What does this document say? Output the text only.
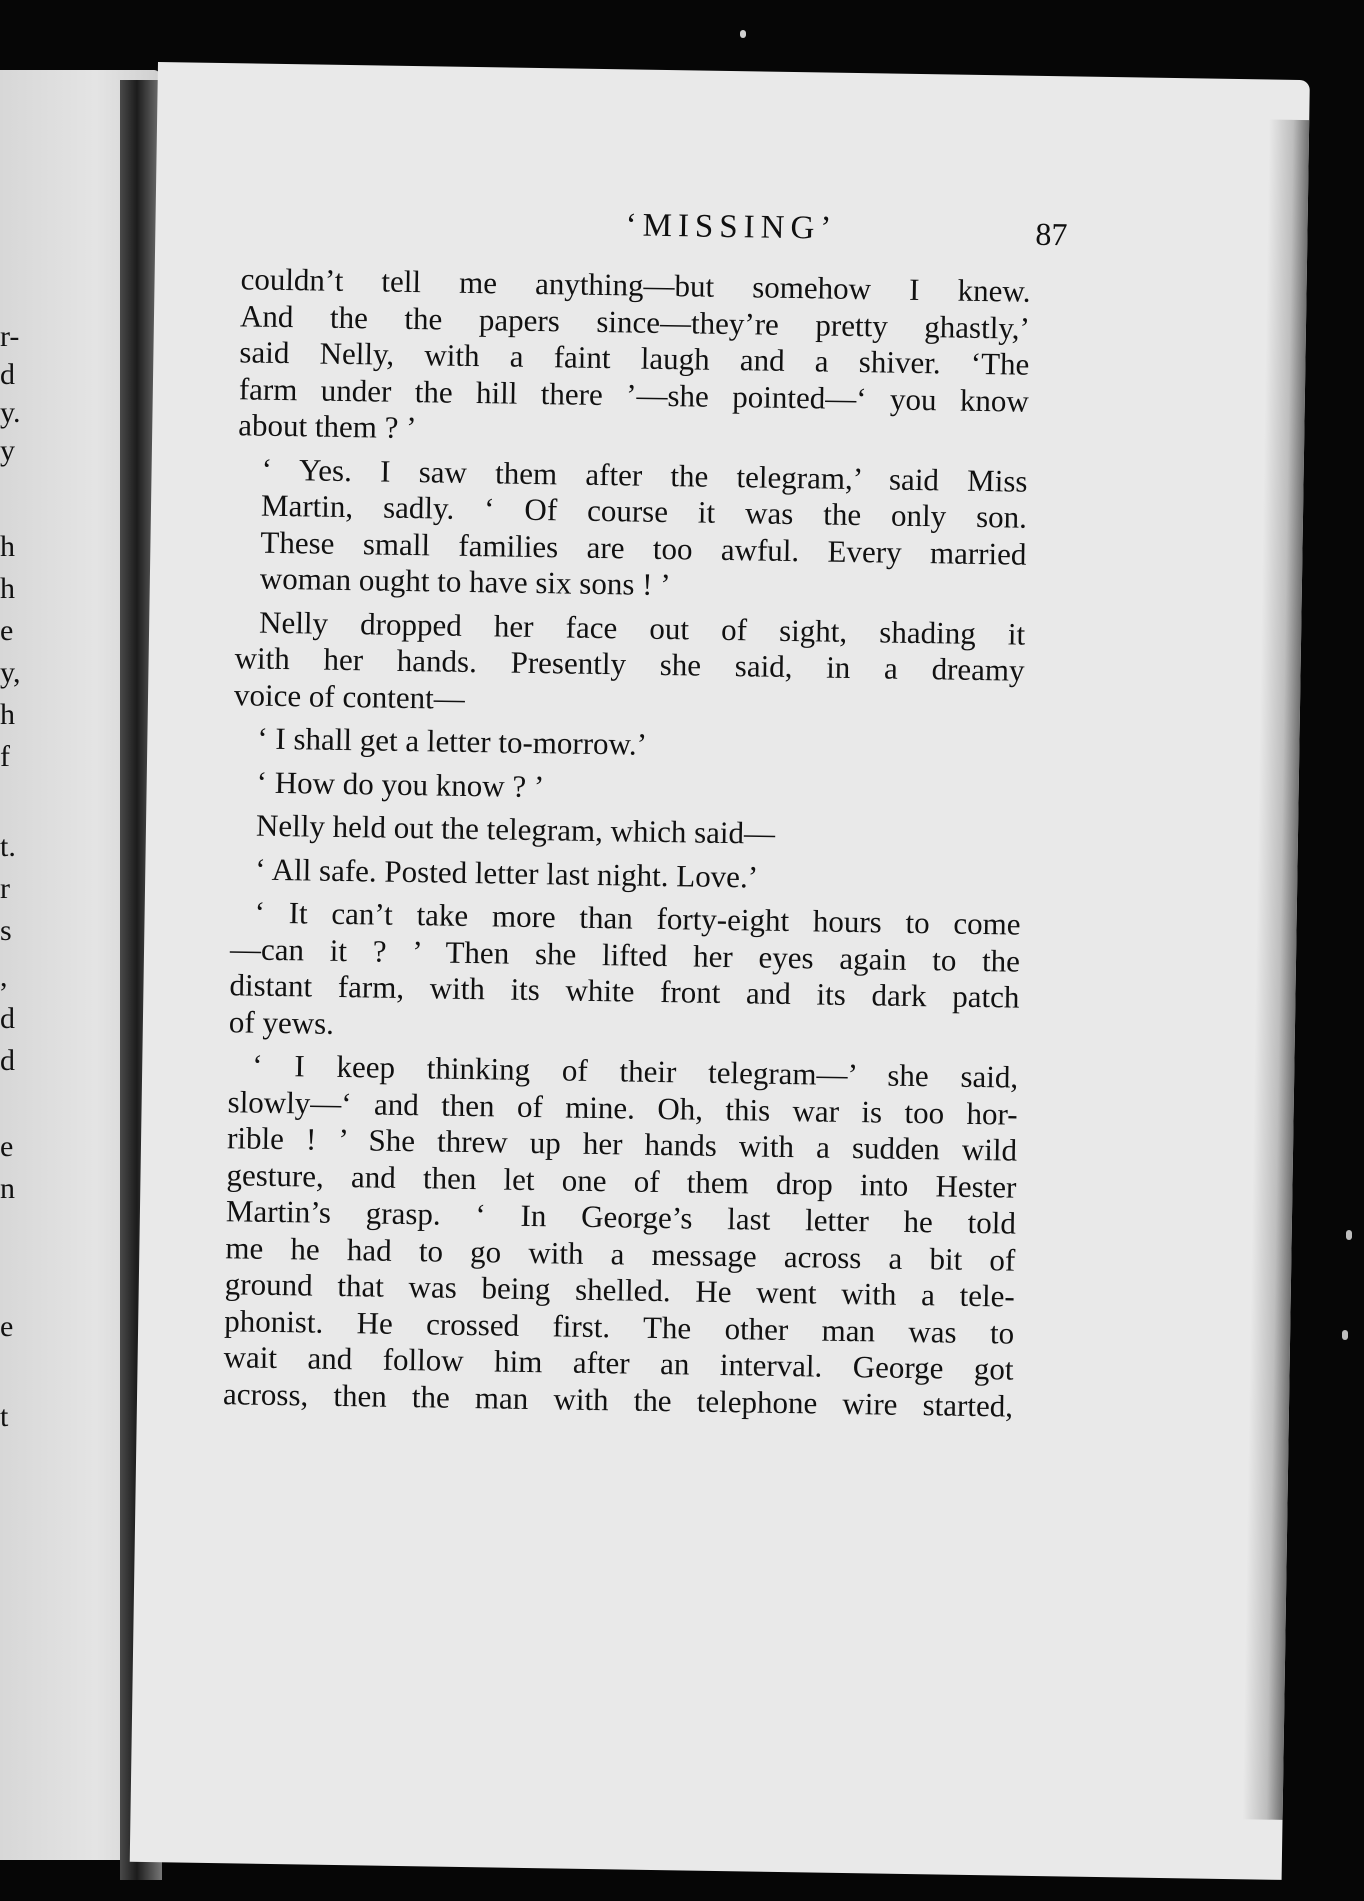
r-
d
y.
y
h
h
e
y,
h
f
t.
r
s
,
d
d
e
n
e
t
‘MISSING’	87

couldn’t tell me anything—but somehow I knew.
And the the papers since—they’re pretty ghastly,’
said Nelly, with a faint laugh and a shiver. ‘The
farm under the hill there ’—she pointed—‘ you know
about them ? ’

‘ Yes. I saw them after the telegram,’ said Miss
Martin, sadly. ‘ Of course it was the only son.
These small families are too awful. Every married
woman ought to have six sons ! ’

Nelly dropped her face out of sight, shading it
with her hands. Presently she said, in a dreamy
voice of content—

‘ I shall get a letter to-morrow.’

‘ How do you know ? ’

Nelly held out the telegram, which said—

‘ All safe. Posted letter last night. Love.’

‘ It can’t take more than forty-eight hours to come
—can it ? ’ Then she lifted her eyes again to the
distant farm, with its white front and its dark patch
of yews.

‘ I keep thinking of their telegram—’ she said,
slowly—‘ and then of mine. Oh, this war is too hor-
rible ! ’ She threw up her hands with a sudden wild
gesture, and then let one of them drop into Hester
Martin’s grasp. ‘ In George’s last letter he told
me he had to go with a message across a bit of
ground that was being shelled. He went with a tele-
phonist. He crossed first. The other man was to
wait and follow him after an interval. George got
across, then the man with the telephone wire started,
